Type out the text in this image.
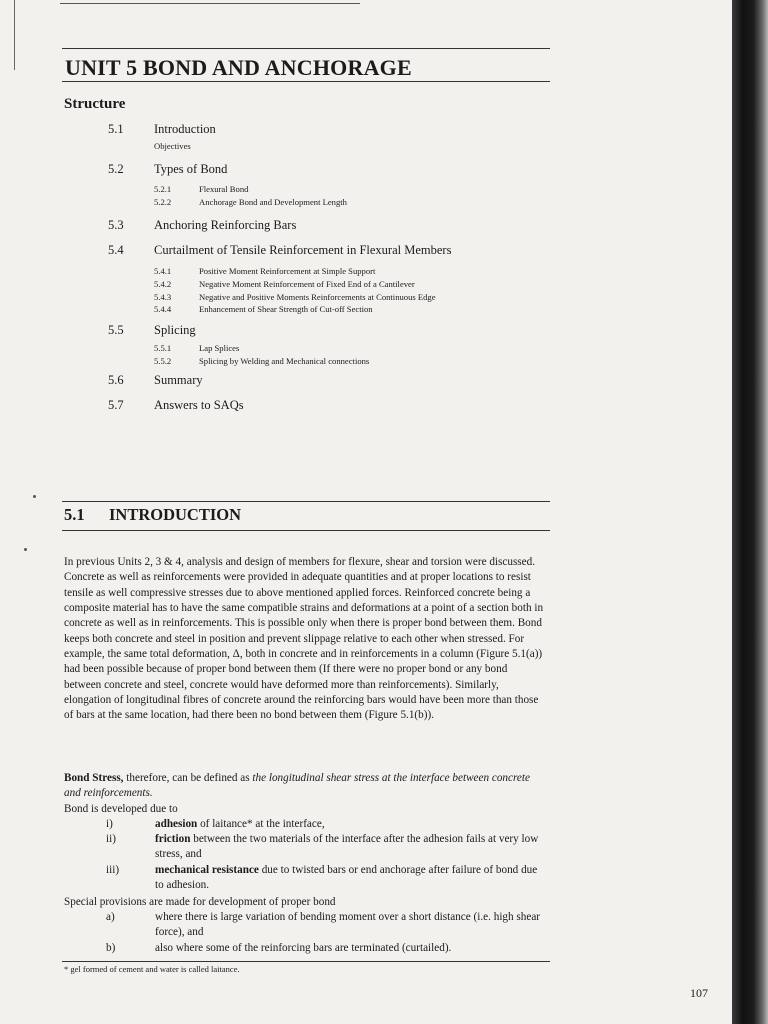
UNIT 5 BOND AND ANCHORAGE
Structure
5.1 Introduction
Objectives
5.2 Types of Bond
5.2.1	Flexural Bond
5.2.2	Anchorage Bond and Development Length
5.3 Anchoring Reinforcing Bars
5.4 Curtailment of Tensile Reinforcement in Flexural Members
5.4.1	Positive Moment Reinforcement at Simple Support
5.4.2	Negative Moment Reinforcement of Fixed End of a Cantilever
5.4.3	Negative and Positive Moments Reinforcements at Continuous Edge
5.4.4	Enhancement of Shear Strength of Cut-off Section
5.5 Splicing
5.5.1	Lap Splices
5.5.2	Splicing by Welding and Mechanical connections
5.6 Summary
5.7 Answers to SAQs
5.1 INTRODUCTION
In previous Units 2, 3 & 4, analysis and design of members for flexure, shear and torsion were discussed. Concrete as well as reinforcements were provided in adequate quantities and at proper locations to resist tensile as well compressive stresses due to above mentioned applied forces. Reinforced concrete being a composite material has to have the same compatible strains and deformations at a point of a section both in concrete as well as in reinforcements. This is possible only when there is proper bond between them. Bond keeps both concrete and steel in position and prevent slippage relative to each other when stressed. For example, the same total deformation, Δ, both in concrete and in reinforcements in a column (Figure 5.1(a)) had been possible because of proper bond between them (If there were no proper bond or any bond between concrete and steel, concrete would have deformed more than reinforcements). Similarly, elongation of longitudinal fibres of concrete around the reinforcing bars would have been more than those of bars at the same location, had there been no bond between them (Figure 5.1(b)).
Bond Stress, therefore, can be defined as the longitudinal shear stress at the interface between concrete and reinforcements.
Bond is developed due to
i)	adhesion of laitance* at the interface,
ii)	friction between the two materials of the interface after the adhesion fails at very low stress, and
iii)	mechanical resistance due to twisted bars or end anchorage after failure of bond due to adhesion.
Special provisions are made for development of proper bond
a)	where there is large variation of bending moment over a short distance (i.e. high shear force), and
b)	also where some of the reinforcing bars are terminated (curtailed).
* gel formed of cement and water is called laitance.
107
